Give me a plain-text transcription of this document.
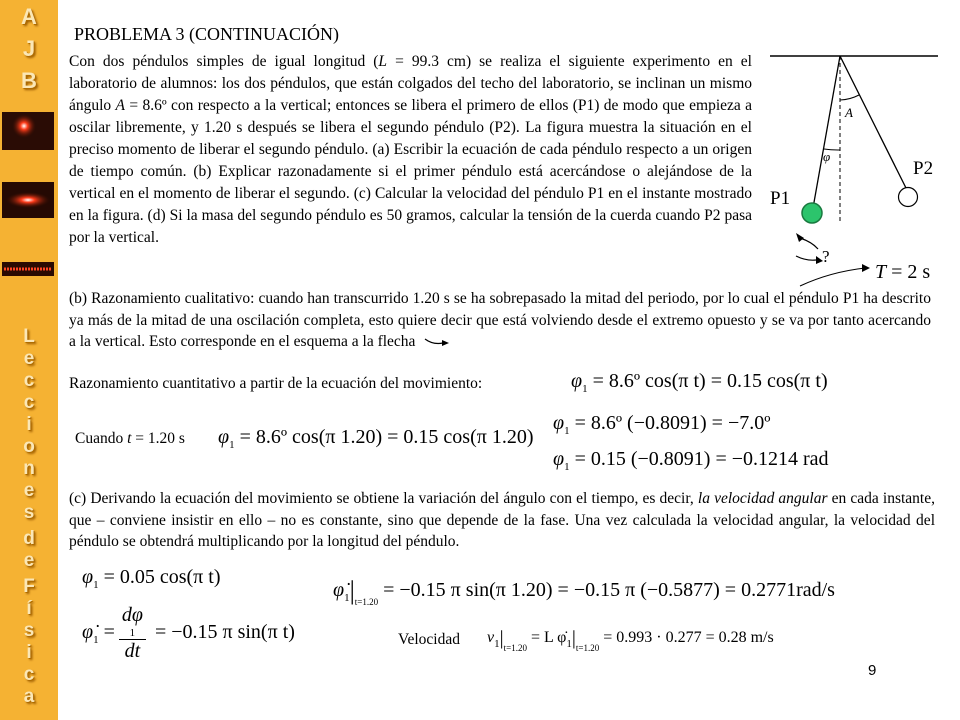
A
J
B
L
e
c
c
i
o
n
e
s
d
e
F
í
s
i
c
a
PROBLEMA 3 (CONTINUACIÓN)
Con dos péndulos simples de igual longitud (L = 99.3 cm) se realiza el siguiente experimento en el laboratorio de alumnos: los dos péndulos, que están colgados del techo del laboratorio, se inclinan un mismo ángulo A = 8.6º con respecto a la vertical; entonces se libera el primero de ellos (P1) de modo que empieza a oscilar libremente, y 1.20 s después se libera el segundo péndulo (P2). La figura muestra la situación en el preciso momento de liberar el segundo péndulo. (a) Escribir la ecuación de cada péndulo respecto a un origen de tiempo común. (b) Explicar razonadamente si el primer péndulo está acercándose o alejándose de la vertical en el momento de liberar el segundo. (c) Calcular la velocidad del péndulo P1 en el instante mostrado en la figura. (d) Si la masa del segundo péndulo es 50 gramos, calcular la tensión de la cuerda cuando P2 pasa por la vertical.
A
φ
P1
P2
?
T = 2 s
(b) Razonamiento cualitativo: cuando han transcurrido 1.20 s se ha sobrepasado la mitad del periodo, por lo cual el péndulo P1 ha descrito ya más de la mitad de una oscilación completa, esto quiere decir que está volviendo desde el extremo opuesto y se va por tanto acercando a la vertical. Esto corresponde en el esquema a la flecha
Razonamiento cuantitativo a partir de la ecuación del movimiento:	$\varphi_1$ = 8.6º cos(π t) = 0.15 cos(π t)
Cuando t = 1.20 s $\varphi_1$ = 8.6º cos(π 1.20) = 0.15 cos(π 1.20)
$\varphi_1$ = 8.6º (−0.8091) = −7.0º
$\varphi_1 = 0.15$ (−0.8091) = −0.1214 rad
(c) Derivando la ecuación del movimiento se obtiene la variación del ángulo con el tiempo, es decir, la velocidad angular en cada instante, que – conviene insistir en ello – no es constante, sino que depende de la fase. Una vez calculada la velocidad angular, la velocidad del péndulo se obtendrá multiplicando por la longitud del péndulo.
$\varphi_1 = 0.05$ cos(π t)
$\varphi̇_1 = d\varphi$
1
dt = −0.15 π sin(π t)
$\varphi̇_1|_{t=1.20} = -0.15$ π sin(π 1.20) = −0.15 π (−0.5877) = 0.2771rad/s
Velocidad $v_1|_{t=1.20} = L$ $\varphi̇_1|_{t=1.20} = 0.993 \cdot 0.277 = 0.28$ m/s
9
